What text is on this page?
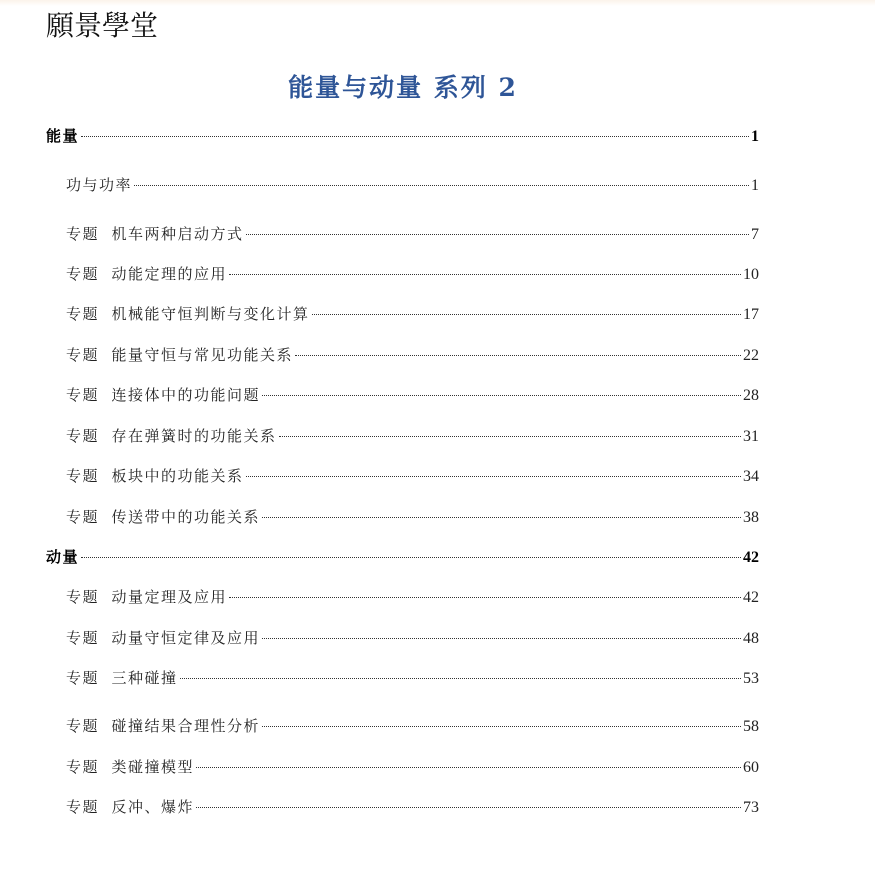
願景學堂
能量与动量 系列 2
能量	1
功与功率	1
专题  机车两种启动方式	7
专题  动能定理的应用	10
专题  机械能守恒判断与变化计算	17
专题  能量守恒与常见功能关系	22
专题  连接体中的功能问题	28
专题  存在弹簧时的功能关系	31
专题  板块中的功能关系	34
专题  传送带中的功能关系	38
动量	42
专题  动量定理及应用	42
专题  动量守恒定律及应用	48
专题  三种碰撞	53
专题  碰撞结果合理性分析	58
专题  类碰撞模型	60
专题  反冲、爆炸	73
